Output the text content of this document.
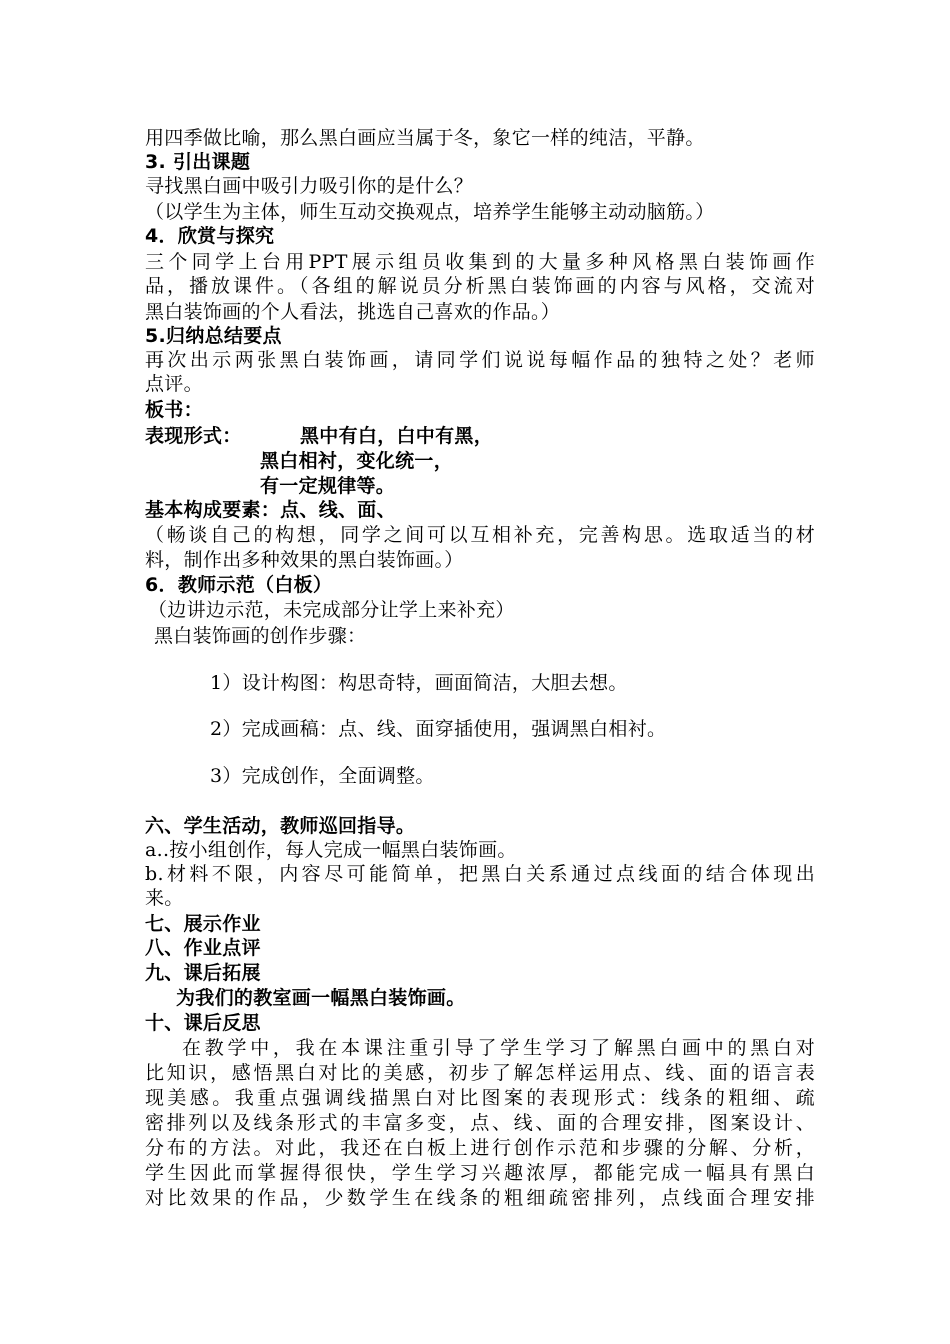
用四季做比喻，那么黑白画应当属于冬，象它一样的纯洁，平静。
3. 引出课题
寻找黑白画中吸引力吸引你的是什么？
（以学生为主体，师生互动交换观点，培养学生能够主动动脑筋。）
4．欣赏与探究
三个同学上台用PPT展示组员收集到的大量多种风格黑白装饰画作
品，播放课件。（各组的解说员分析黑白装饰画的内容与风格，交流对
黑白装饰画的个人看法，挑选自己喜欢的作品。）
5.归纳总结要点
再次出示两张黑白装饰画，请同学们说说每幅作品的独特之处？老师
点评。
板书：
表现形式：	黑中有白，白中有黑，
黑白相衬，变化统一，
有一定规律等。
基本构成要素：点、线、面、
（畅谈自己的构想，同学之间可以互相补充，完善构思。选取适当的材
料，制作出多种效果的黑白装饰画。）
6．教师示范（白板）
（边讲边示范，未完成部分让学上来补充）
黑白装饰画的创作步骤：
1）设计构图：构思奇特，画面简洁，大胆去想。
2）完成画稿：点、线、面穿插使用，强调黑白相衬。
3）完成创作，全面调整。
六、学生活动，教师巡回指导。
a..按小组创作，每人完成一幅黑白装饰画。
b.材料不限，内容尽可能简单，把黑白关系通过点线面的结合体现出
来。
七、展示作业
八、作业点评
九、课后拓展
为我们的教室画一幅黑白装饰画。
十、课后反思
在教学中，我在本课注重引导了学生学习了解黑白画中的黑白对
比知识，感悟黑白对比的美感，初步了解怎样运用点、线、面的语言表
现美感。我重点强调线描黑白对比图案的表现形式：线条的粗细、疏
密排列以及线条形式的丰富多变，点、线、面的合理安排，图案设计、
分布的方法。对此，我还在白板上进行创作示范和步骤的分解、分析，
学生因此而掌握得很快，学生学习兴趣浓厚，都能完成一幅具有黑白
对比效果的作品，少数学生在线条的粗细疏密排列，点线面合理安排
